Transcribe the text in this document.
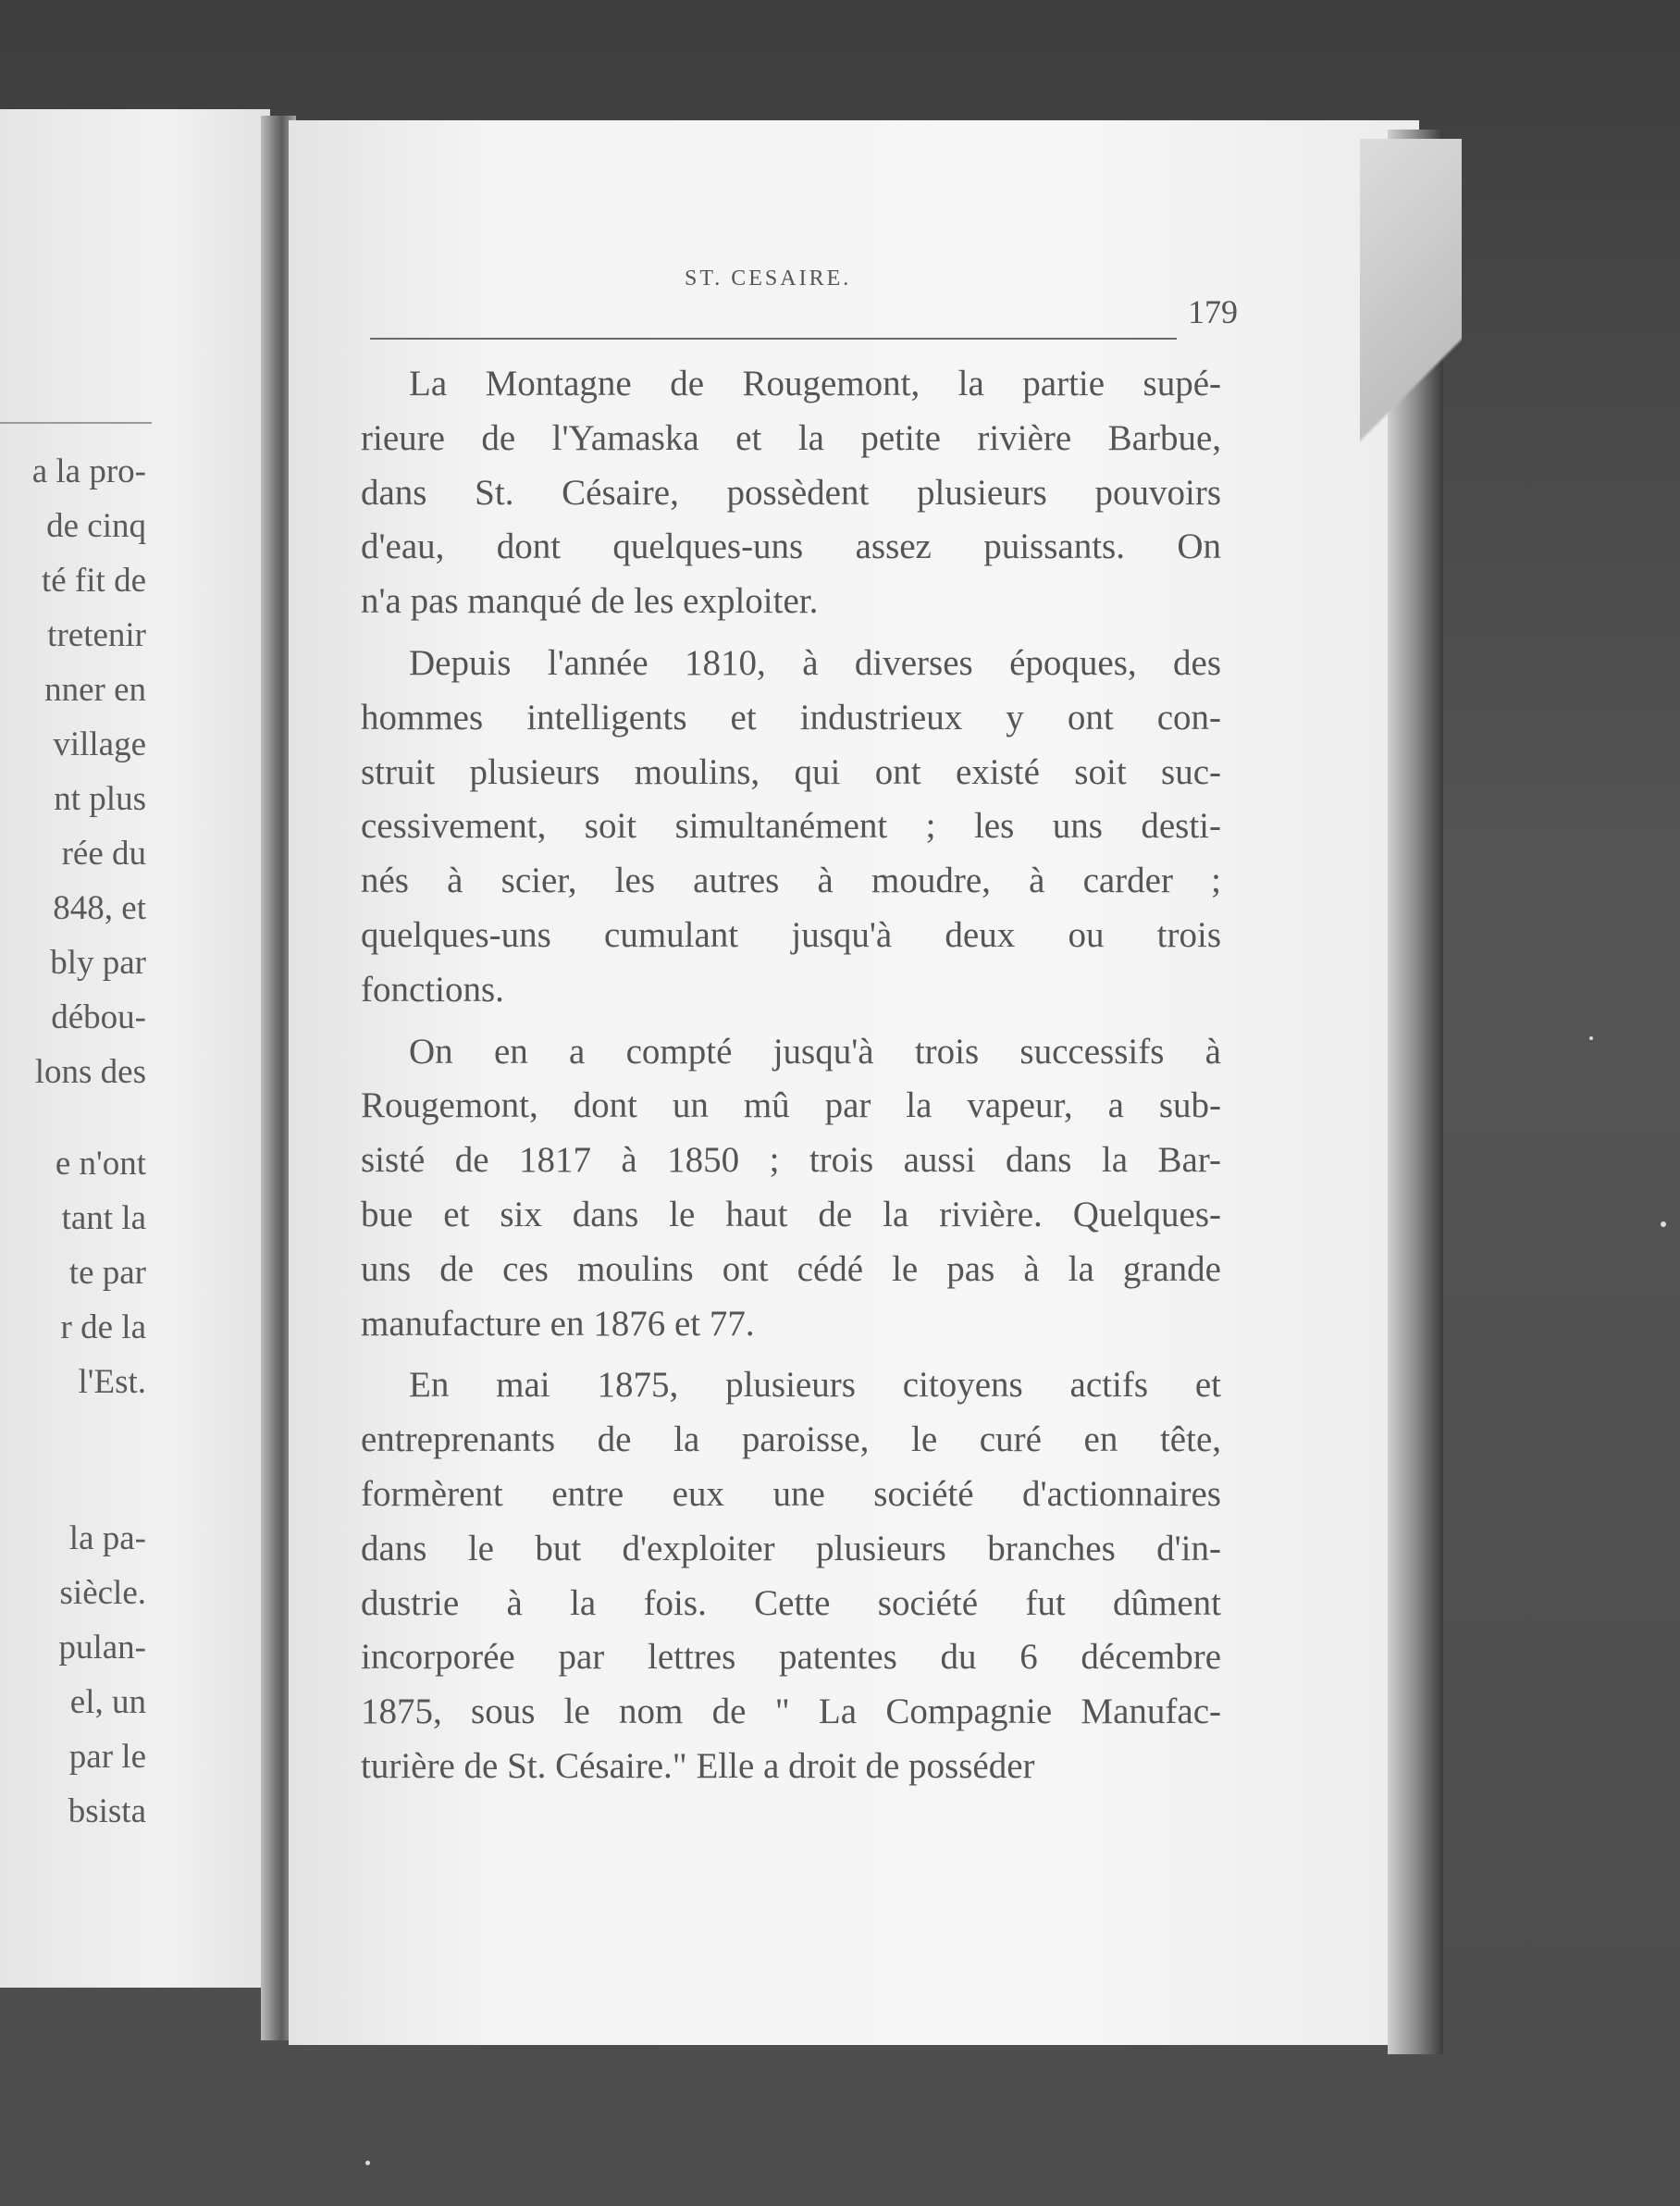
a la pro-
de cinq
té fit de
tretenir
nner en
village
nt plus
rée du
848, et
bly par
débou-
lons des
e n'ont
tant la
te par
r de la
l'Est.
la pa-
siècle.
pulan-
el, un
par le
bsista
ST. CESAIRE.
179

La Montagne de Rougemont, la partie supé-
rieure de l'Yamaska et la petite rivière Barbue,
dans St. Césaire, possèdent plusieurs pouvoirs
d'eau, dont quelques-uns assez puissants. On
n'a pas manqué de les exploiter.

Depuis l'année 1810, à diverses époques, des
hommes intelligents et industrieux y ont con-
struit plusieurs moulins, qui ont existé soit suc-
cessivement, soit simultanément ; les uns desti-
nés à scier, les autres à moudre, à carder ;
quelques-uns cumulant jusqu'à deux ou trois
fonctions.

On en a compté jusqu'à trois successifs à
Rougemont, dont un mû par la vapeur, a sub-
sisté de 1817 à 1850 ; trois aussi dans la Bar-
bue et six dans le haut de la rivière. Quelques-
uns de ces moulins ont cédé le pas à la grande
manufacture en 1876 et 77.

En mai 1875, plusieurs citoyens actifs et
entreprenants de la paroisse, le curé en tête,
formèrent entre eux une société d'actionnaires
dans le but d'exploiter plusieurs branches d'in-
dustrie à la fois. Cette société fut dûment
incorporée par lettres patentes du 6 décembre
1875, sous le nom de " La Compagnie Manufac-
turière de St. Césaire." Elle a droit de posséder
